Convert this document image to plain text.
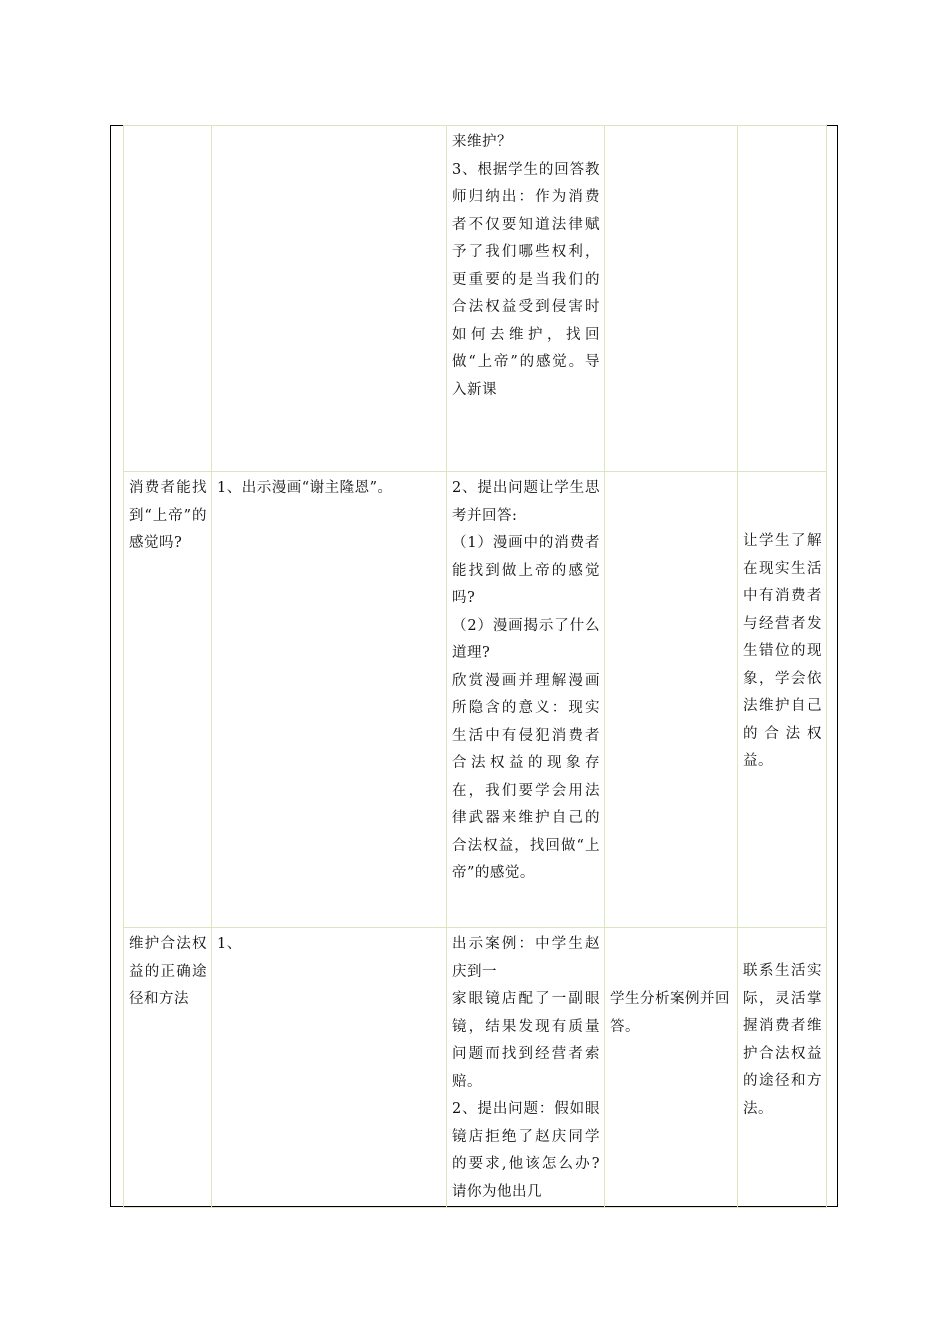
		来维护？
3、根据学生的回答教师归纳出：作为消费者不仅要知道法律赋予了我们哪些权利，更重要的是当我们的合法权益受到侵害时如何去维护，找回做“上帝”的感觉。导入新课		

消费者能找到“上帝”的感觉吗?	1、出示漫画“谢主隆恩”。	2、提出问题让学生思考并回答:
（1）漫画中的消费者能找到做上帝的感觉吗?
（2）漫画揭示了什么道理?
欣赏漫画并理解漫画所隐含的意义：现实生活中有侵犯消费者合法权益的现象存在，我们要学会用法律武器来维护自己的合法权益，找回做“上帝”的感觉。		让学生了解在现实生活中有消费者与经营者发生错位的现象，学会依法维护自己的合法权益。
维护合法权益的正确途径和方法	1、	出示案例：中学生赵庆到一
家眼镜店配了一副眼镜，结果发现有质量问题而找到经营者索赔。
2、提出问题：假如眼镜店拒绝了赵庆同学的要求,他该怎么办?请你为他出几	学生分析案例并回答。	联系生活实际，灵活掌握消费者维护合法权益的途径和方法。
